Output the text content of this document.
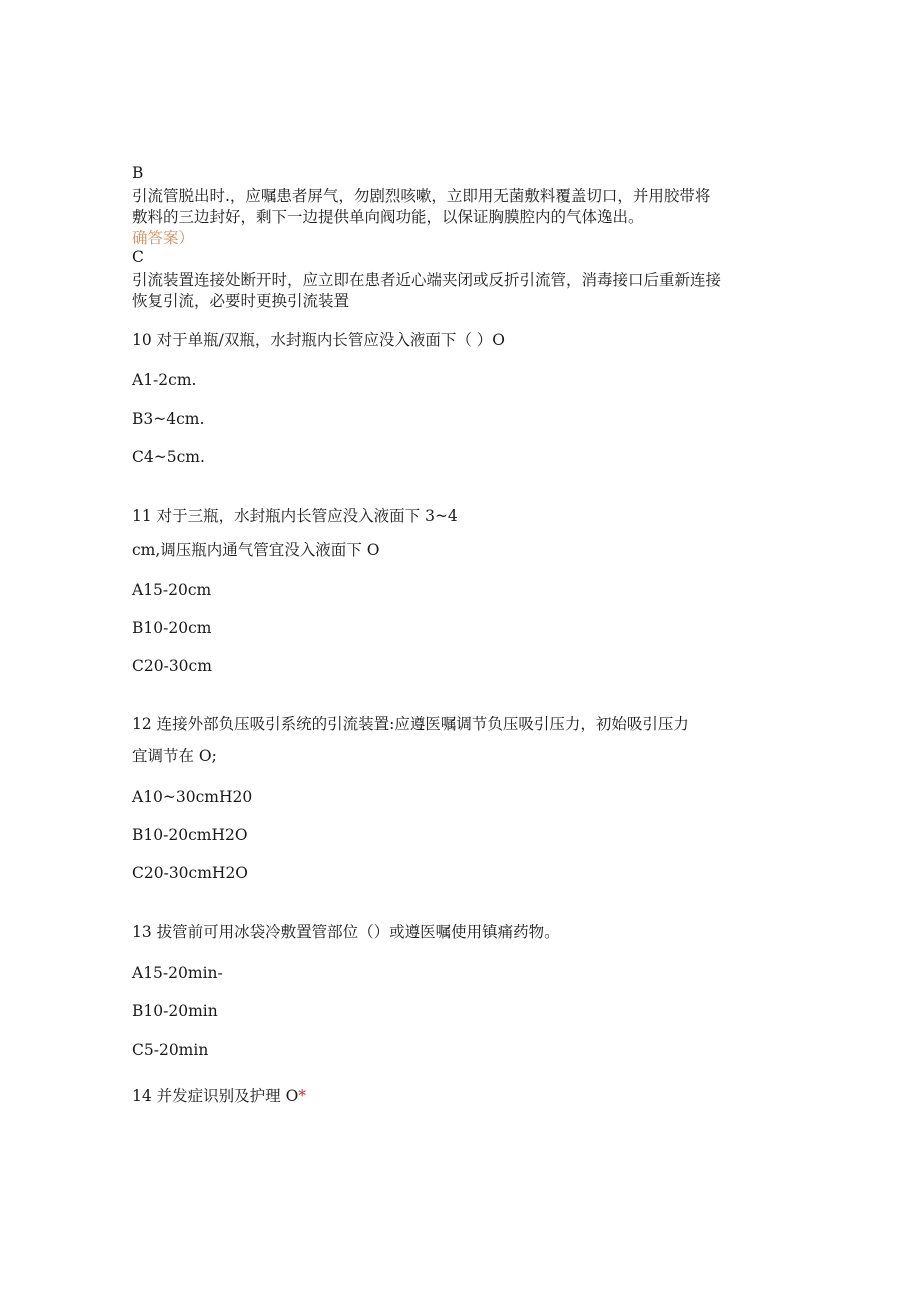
B
引流管脱出时.，应嘱患者屏气，勿剧烈咳嗽，立即用无菌敷料覆盖切口，并用胶带将
敷料的三边封好，剩下一边提供单向阀功能，以保证胸膜腔内的气体逸出。
确答案）
C
引流装置连接处断开时，应立即在患者近心端夹闭或反折引流管，消毒接口后重新连接
恢复引流，必要时更换引流装置
10 对于单瓶/双瓶，水封瓶内长管应没入液面下（ ）O
A1-2cm.
B3~4cm.
C4~5cm.
11 对于三瓶，水封瓶内长管应没入液面下 3~4
cm,调压瓶内通气管宜没入液面下 O
A15-20cm
B10-20cm
C20-30cm
12 连接外部负压吸引系统的引流装置:应遵医嘱调节负压吸引压力，初始吸引压力
宜调节在 O;
A10~30cmH20
B10-20cmH2O
C20-30cmH2O
13 拔管前可用冰袋冷敷置管部位（）或遵医嘱使用镇痛药物。
A15-20min-
B10-20min
C5-20min
14 并发症识别及护理 O*
